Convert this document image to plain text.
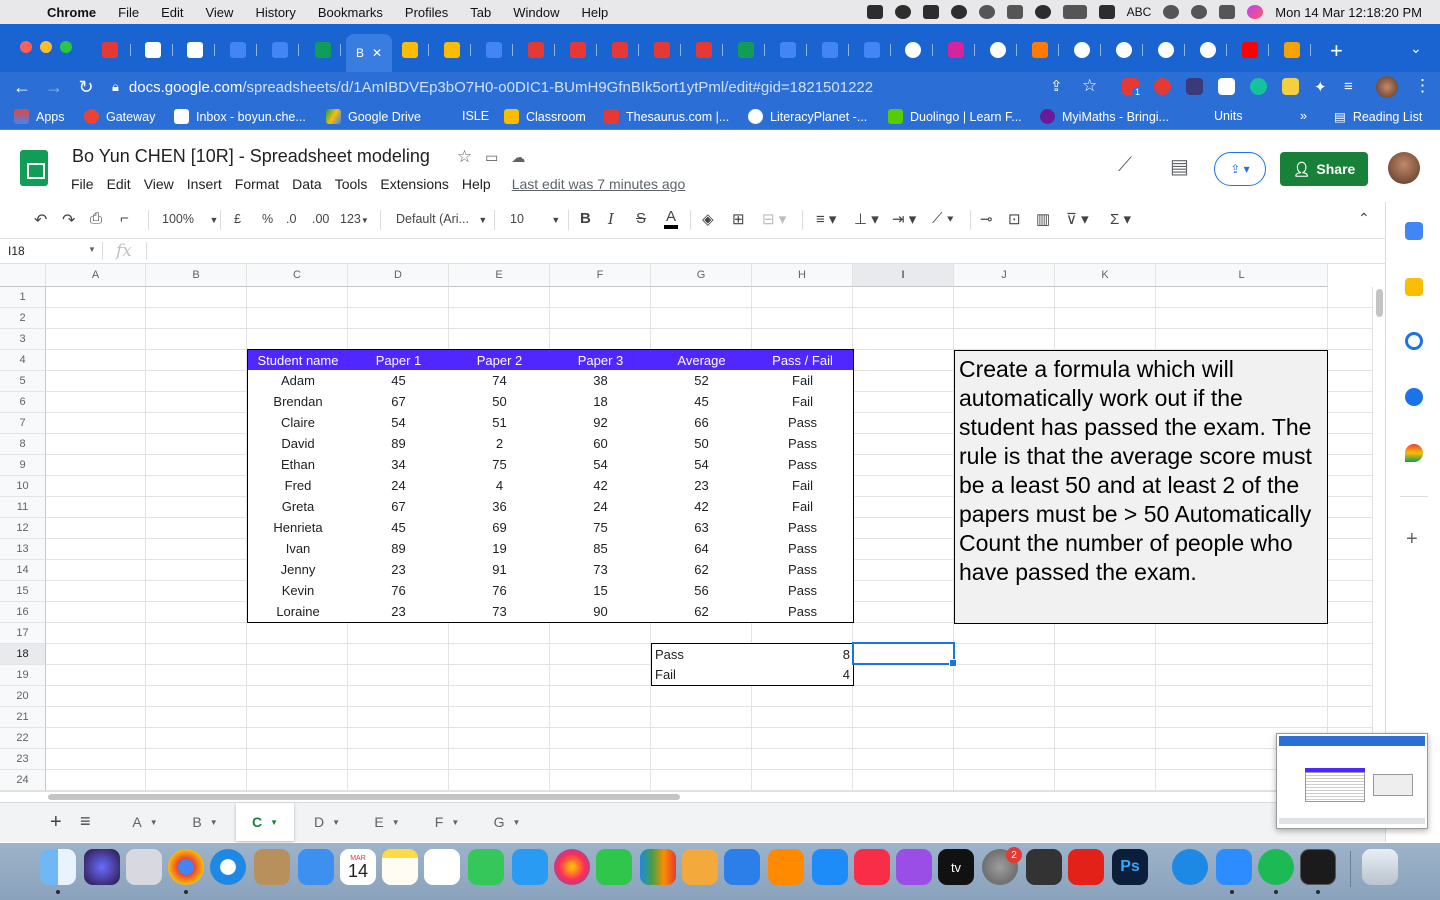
Chrome	File	Edit	View	History	Bookmarks	Profiles	Tab	Window	Help	ABC	Mon 14 Mar 12:18:20 PM
B ✕	+	⌄
← → ↻	🔒︎ docs.google.com /spreadsheets/d/1AmIBDVEp3bO7H0-o0DIC1-BUmH9GfnBIk5ort1ytPml/edit#gid=1821501222	⇪ ☆	1	✦ ≡	⋮
Apps	Gateway	Inbox - boyun.che...	Google Drive	ISLE	Classroom	Thesaurus.com |...	LiteracyPlanet -...	Duolingo | Learn F...	MyiMaths - Bringi...	Units	» ▤ Reading List
Bo Yun CHEN [10R] - Spreadsheet modeling ☆ ▭ ☁︎
File Edit View Insert Format Data Tools Extensions Help Last edit was 7 minutes ago
⟋ ▤	⇪ ▾	👤︎ Share
↶ ↷ ⎙ ⌐	100% ▼ £ % .0 .00 123▼ Default (Ari... ▼ 10	▼ B I S A ◈ ⊞ ⊟ ▾ ≡ ▾ ⊥ ▾ ⇥ ▾ ⟋ ▾ ⊸ ⊡ ▥ ⊽ ▾ Σ ▾	⌃
I18	▼ fx
A	B	C	D	E	F	G	H	I	J	K	L
1
2
3
4
5
6
7
8
9
10
11
12
13
14
15
16
17
18
19
20
21
22
23
24
Student name	Paper 1	Paper 2	Paper 3	Average	Pass / Fail
Adam	45	74	38	52	Fail
Brendan	67	50	18	45	Fail
Claire	54	51	92	66	Pass
David	89	2	60	50	Pass
Ethan	34	75	54	54	Pass
Fred	24	4	42	23	Fail
Greta	67	36	24	42	Fail
Henrieta	45	69	75	63	Pass
Ivan	89	19	85	64	Pass
Jenny	23	91	73	62	Pass
Kevin	76	76	15	56	Pass
Loraine	23	73	90	62	Pass
Pass	8
Fail	4
Create a formula which will automatically work out if the student has passed the exam. The rule is that the average score must be a least 50 and at least 2 of the papers must be > 50 Automatically Count the number of people who have passed the exam.
+ ≡	A ▼ B ▼ C ▼	D ▼ E ▼	F ▼ G ▼
+
MAR
14	tv
2
Ps
